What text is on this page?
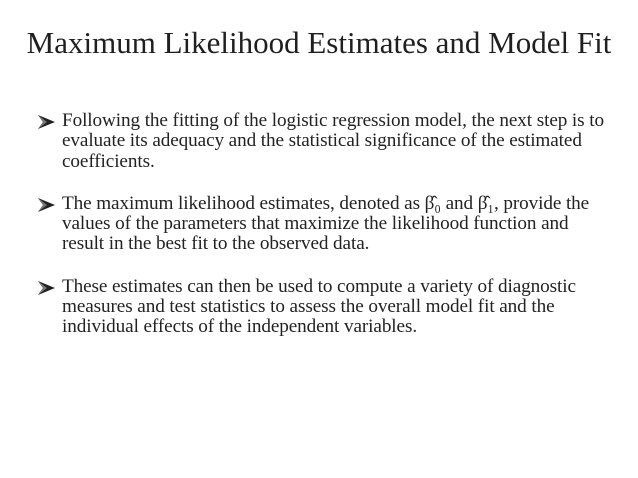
Maximum Likelihood Estimates and Model Fit
Following the fitting of the logistic regression model, the next step is to evaluate its adequacy and the statistical significance of the estimated coefficients.
The maximum likelihood estimates, denoted as β̂₀ and β̂₁, provide the values of the parameters that maximize the likelihood function and result in the best fit to the observed data.
These estimates can then be used to compute a variety of diagnostic measures and test statistics to assess the overall model fit and the individual effects of the independent variables.
